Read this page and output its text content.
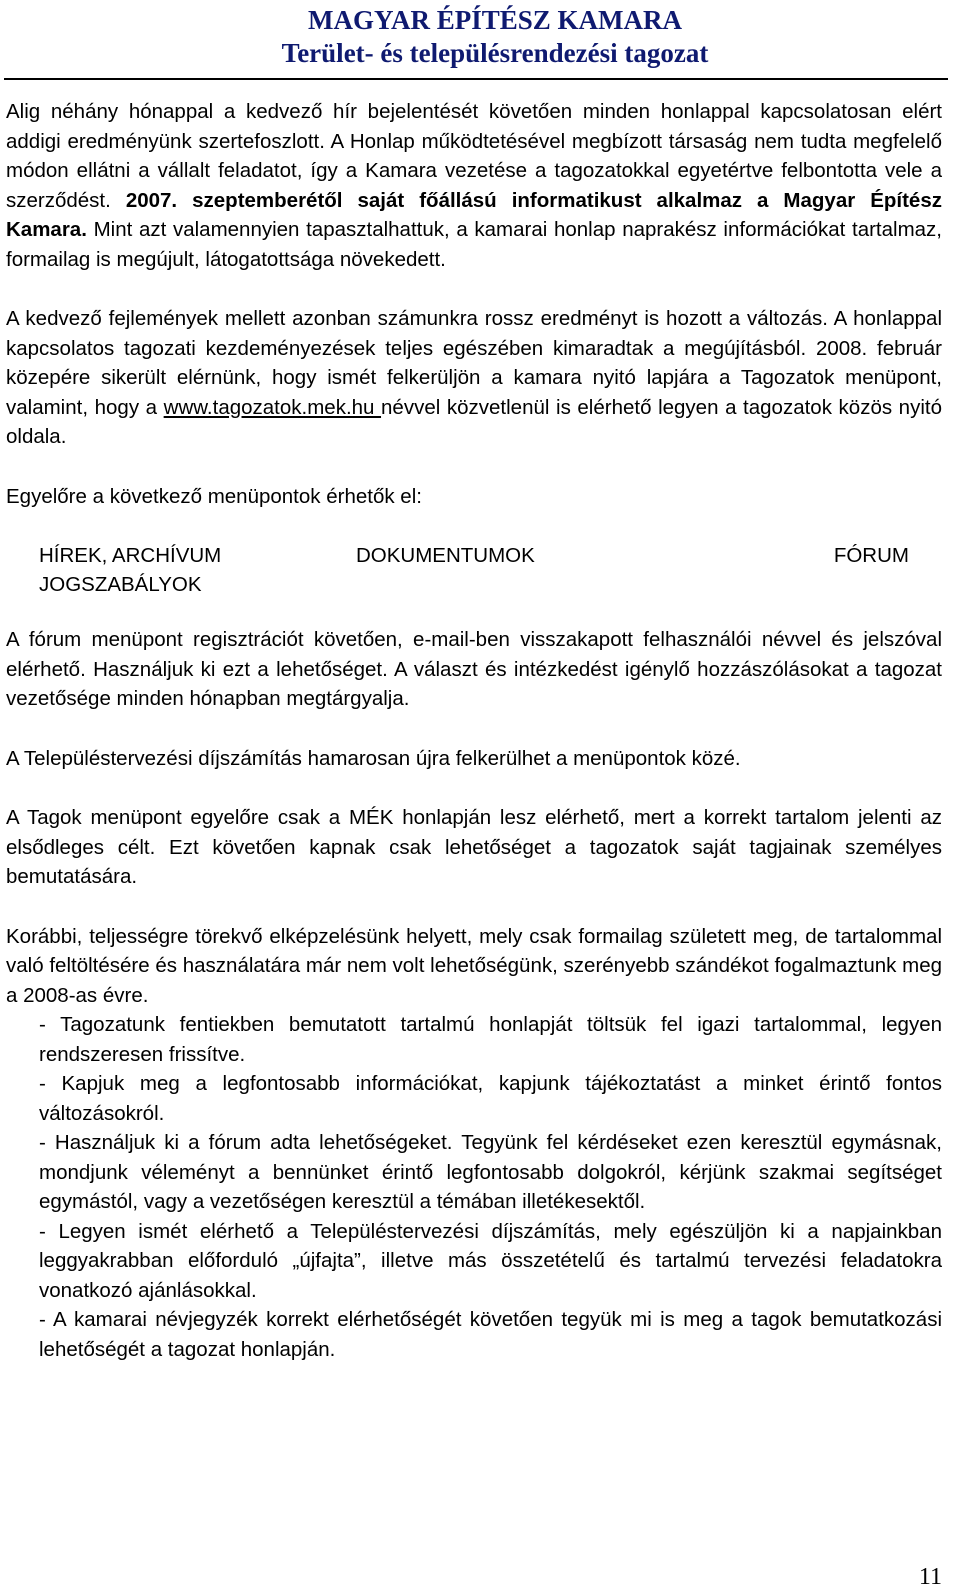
MAGYAR ÉPÍTÉSZ KAMARA
Terület- és településrendezési tagozat

Alig néhány hónappal a kedvező hír bejelentését követően minden honlappal kapcsolatosan elért addigi eredményünk szertefoszlott. A Honlap működtetésével megbízott társaság nem tudta megfelelő módon ellátni a vállalt feladatot, így a Kamara vezetése a tagozatokkal egyetértve felbontotta vele a szerződést. 2007. szeptemberétől saját főállású informatikust alkalmaz a Magyar Építész Kamara. Mint azt valamennyien tapasztalhattuk, a kamarai honlap naprakész információkat tartalmaz, formailag is megújult, látogatottsága növekedett.

A kedvező fejlemények mellett azonban számunkra rossz eredményt is hozott a változás. A honlappal kapcsolatos tagozati kezdeményezések teljes egészében kimaradtak a megújításból. 2008. február közepére sikerült elérnünk, hogy ismét felkerüljön a kamara nyitó lapjára a Tagozatok menüpont, valamint, hogy a www.tagozatok.mek.hu névvel közvetlenül is elérhető legyen a tagozatok közös nyitó oldala.

Egyelőre a következő menüpontok érhetők el:

HÍREK, ARCHÍVUM	DOKUMENTUMOK	FÓRUM
JOGSZABÁLYOK

A fórum menüpont regisztrációt követően, e-mail-ben visszakapott felhasználói névvel és jelszóval elérhető. Használjuk ki ezt a lehetőséget. A választ és intézkedést igénylő hozzászólásokat a tagozat vezetősége minden hónapban megtárgyalja.

A Településtervezési díjszámítás hamarosan újra felkerülhet a menüpontok közé.

A Tagok menüpont egyelőre csak a MÉK honlapján lesz elérhető, mert a korrekt tartalom jelenti az elsődleges célt. Ezt követően kapnak csak lehetőséget a tagozatok saját tagjainak személyes bemutatására.

Korábbi, teljességre törekvő elképzelésünk helyett, mely csak formailag született meg, de tartalommal való feltöltésére és használatára már nem volt lehetőségünk, szerényebb szándékot fogalmaztunk meg a 2008-as évre.

- Tagozatunk fentiekben bemutatott tartalmú honlapját töltsük fel igazi tartalommal, legyen rendszeresen frissítve.
- Kapjuk meg a legfontosabb információkat, kapjunk tájékoztatást a minket érintő fontos változásokról.
- Használjuk ki a fórum adta lehetőségeket. Tegyünk fel kérdéseket ezen keresztül egymásnak, mondjunk véleményt a bennünket érintő legfontosabb dolgokról, kérjünk szakmai segítséget egymástól, vagy a vezetőségen keresztül a témában illetékesektől.
- Legyen ismét elérhető a Településtervezési díjszámítás, mely egészüljön ki a napjainkban leggyakrabban előforduló „újfajta”, illetve más összetételű és tartalmú tervezési feladatokra vonatkozó ajánlásokkal.
- A kamarai névjegyzék korrekt elérhetőségét követően tegyük mi is meg a tagok bemutatkozási lehetőségét a tagozat honlapján.
11
